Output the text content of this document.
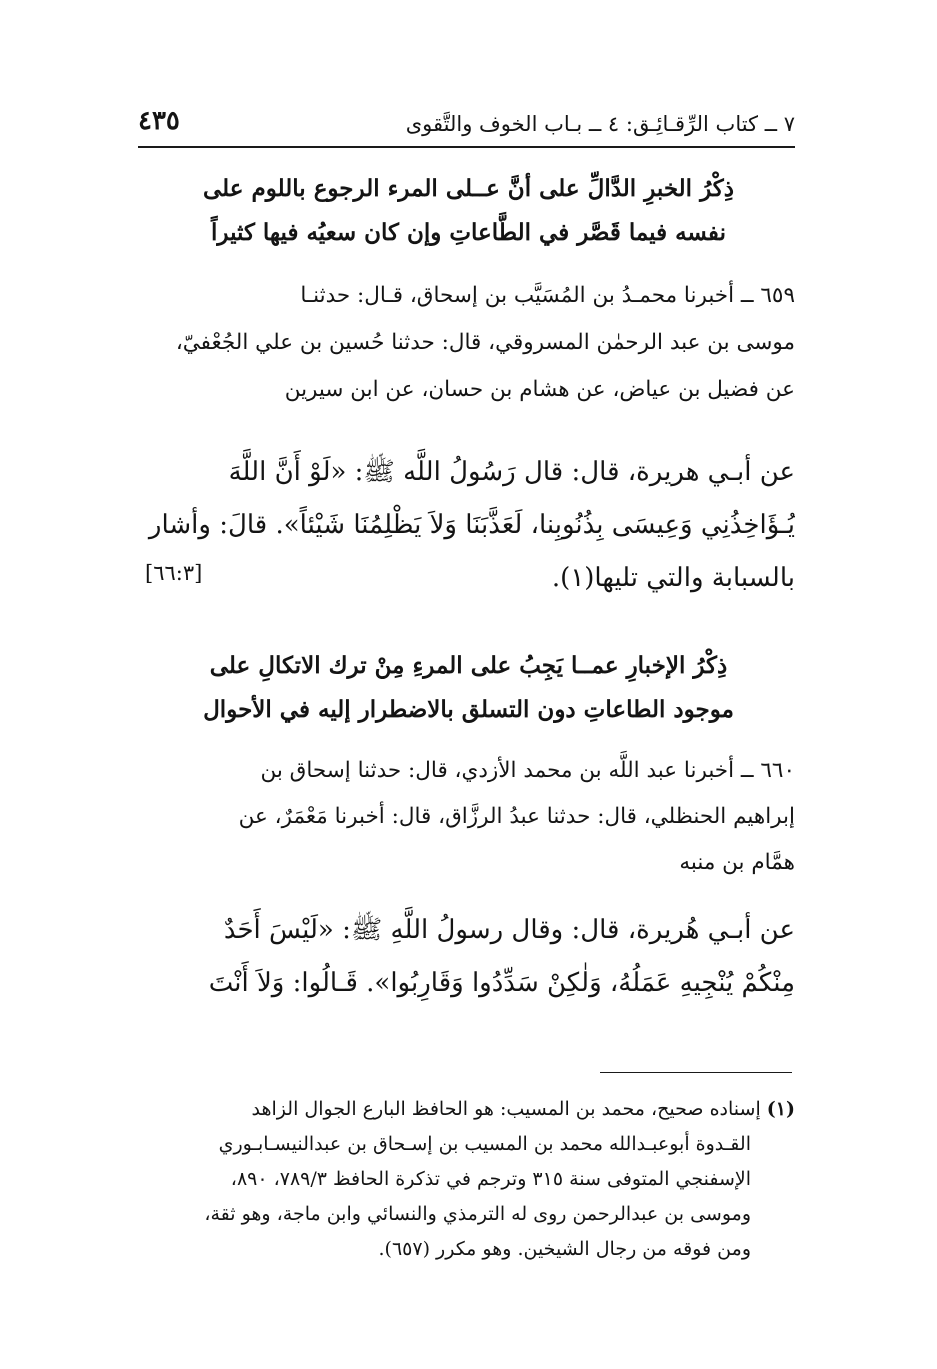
٧ ــ كتاب الرِّقـائِـق: ٤ ــ بـاب الخوف والتَّقوى
٤٣٥
ذِكْرُ الخبرِ الدَّالِّ على أنَّ عــلى المرء الرجوع باللوم على
نفسه فيما قَصَّر في الطَّاعاتِ وإن كان سعيُه فيها كثيراً
٦٥٩ ــ أخبرنا محمـدُ بن المُسَيَّب بن إسحاق، قـال: حدثنـا
موسى بن عبد الرحمٰن المسروقي، قال: حدثنا حُسين بن علي الجُعْفيّ،
عن فضيل بن عياض، عن هشام بن حسان، عن ابن سيرين
عن أبـي هريرة، قال: قال رَسُولُ اللَّه ﷺ: «لَوْ أَنَّ اللَّهَ
يُـؤَاخِذُنِي وَعِيسَى بِذُنُوبِنا، لَعَذَّبَنَا وَلاَ يَظْلِمُنَا شَيْئاً». قالَ: وأشار
بالسبابة والتي تليها(١).
[٦٦:٣]
ذِكْرُ الإخبارِ عمــا يَجِبُ على المرءِ مِنْ ترك الاتكالِ على
موجود الطاعاتِ دون التسلق بالاضطرار إليه في الأحوال
٦٦٠ ــ أخبرنا عبد اللَّه بن محمد الأزدي، قال: حدثنا إسحاق بن
إبراهيم الحنظلي، قال: حدثنا عبدُ الرزَّاق، قال: أخبرنا مَعْمَرٌ، عن
همَّام بن منبه
عن أبـي هُريرة، قال: وقال رسولُ اللَّهِ ﷺ: «لَيْسَ أَحَدٌ
مِنْكُمْ يُنْجِيهِ عَمَلُهُ، وَلٰكِنْ سَدِّدُوا وَقَارِبُوا». قَـالُوا: وَلاَ أَنْتَ
(١) إسناده صحيح، محمد بن المسيب: هو الحافظ البارع الجوال الزاهد
القـدوة أبوعبـدالله محمد بن المسيب بن إسـحاق بن عبدالنيسـابـوري
الإسفنجي المتوفى سنة ٣١٥ وترجم في تذكرة الحافظ ٧٨٩/٣، ٨٩٠،
وموسى بن عبدالرحمن روى له الترمذي والنسائي وابن ماجة، وهو ثقة،
ومن فوقه من رجال الشيخين. وهو مكرر (٦٥٧).
